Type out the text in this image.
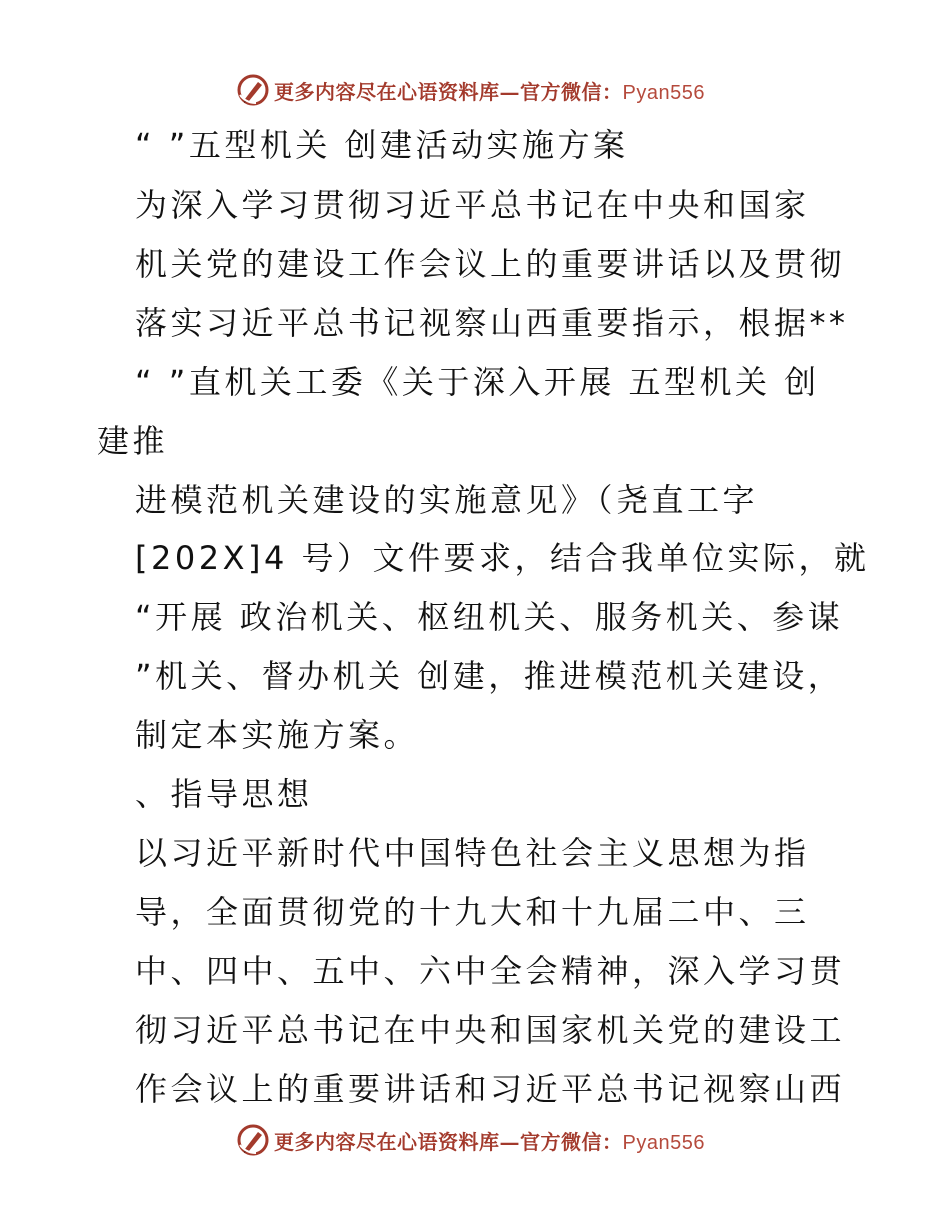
更多内容尽在心语资料库—官方微信：Pyan556
“ ”五型机关 创建活动实施方案
为深入学习贯彻习近平总书记在中央和国家
机关党的建设工作会议上的重要讲话以及贯彻
落实习近平总书记视察山西重要指示，根据**
“ ”直机关工委《关于深入开展 五型机关 创
建推
进模范机关建设的实施意见》（尧直工字
[202X]4 号）文件要求，结合我单位实际，就
“开展 政治机关、枢纽机关、服务机关、参谋
”机关、督办机关 创建，推进模范机关建设，
制定本实施方案。
、指导思想
以习近平新时代中国特色社会主义思想为指
导，全面贯彻党的十九大和十九届二中、三
中、四中、五中、六中全会精神，深入学习贯
彻习近平总书记在中央和国家机关党的建设工
作会议上的重要讲话和习近平总书记视察山西
更多内容尽在心语资料库—官方微信：Pyan556
